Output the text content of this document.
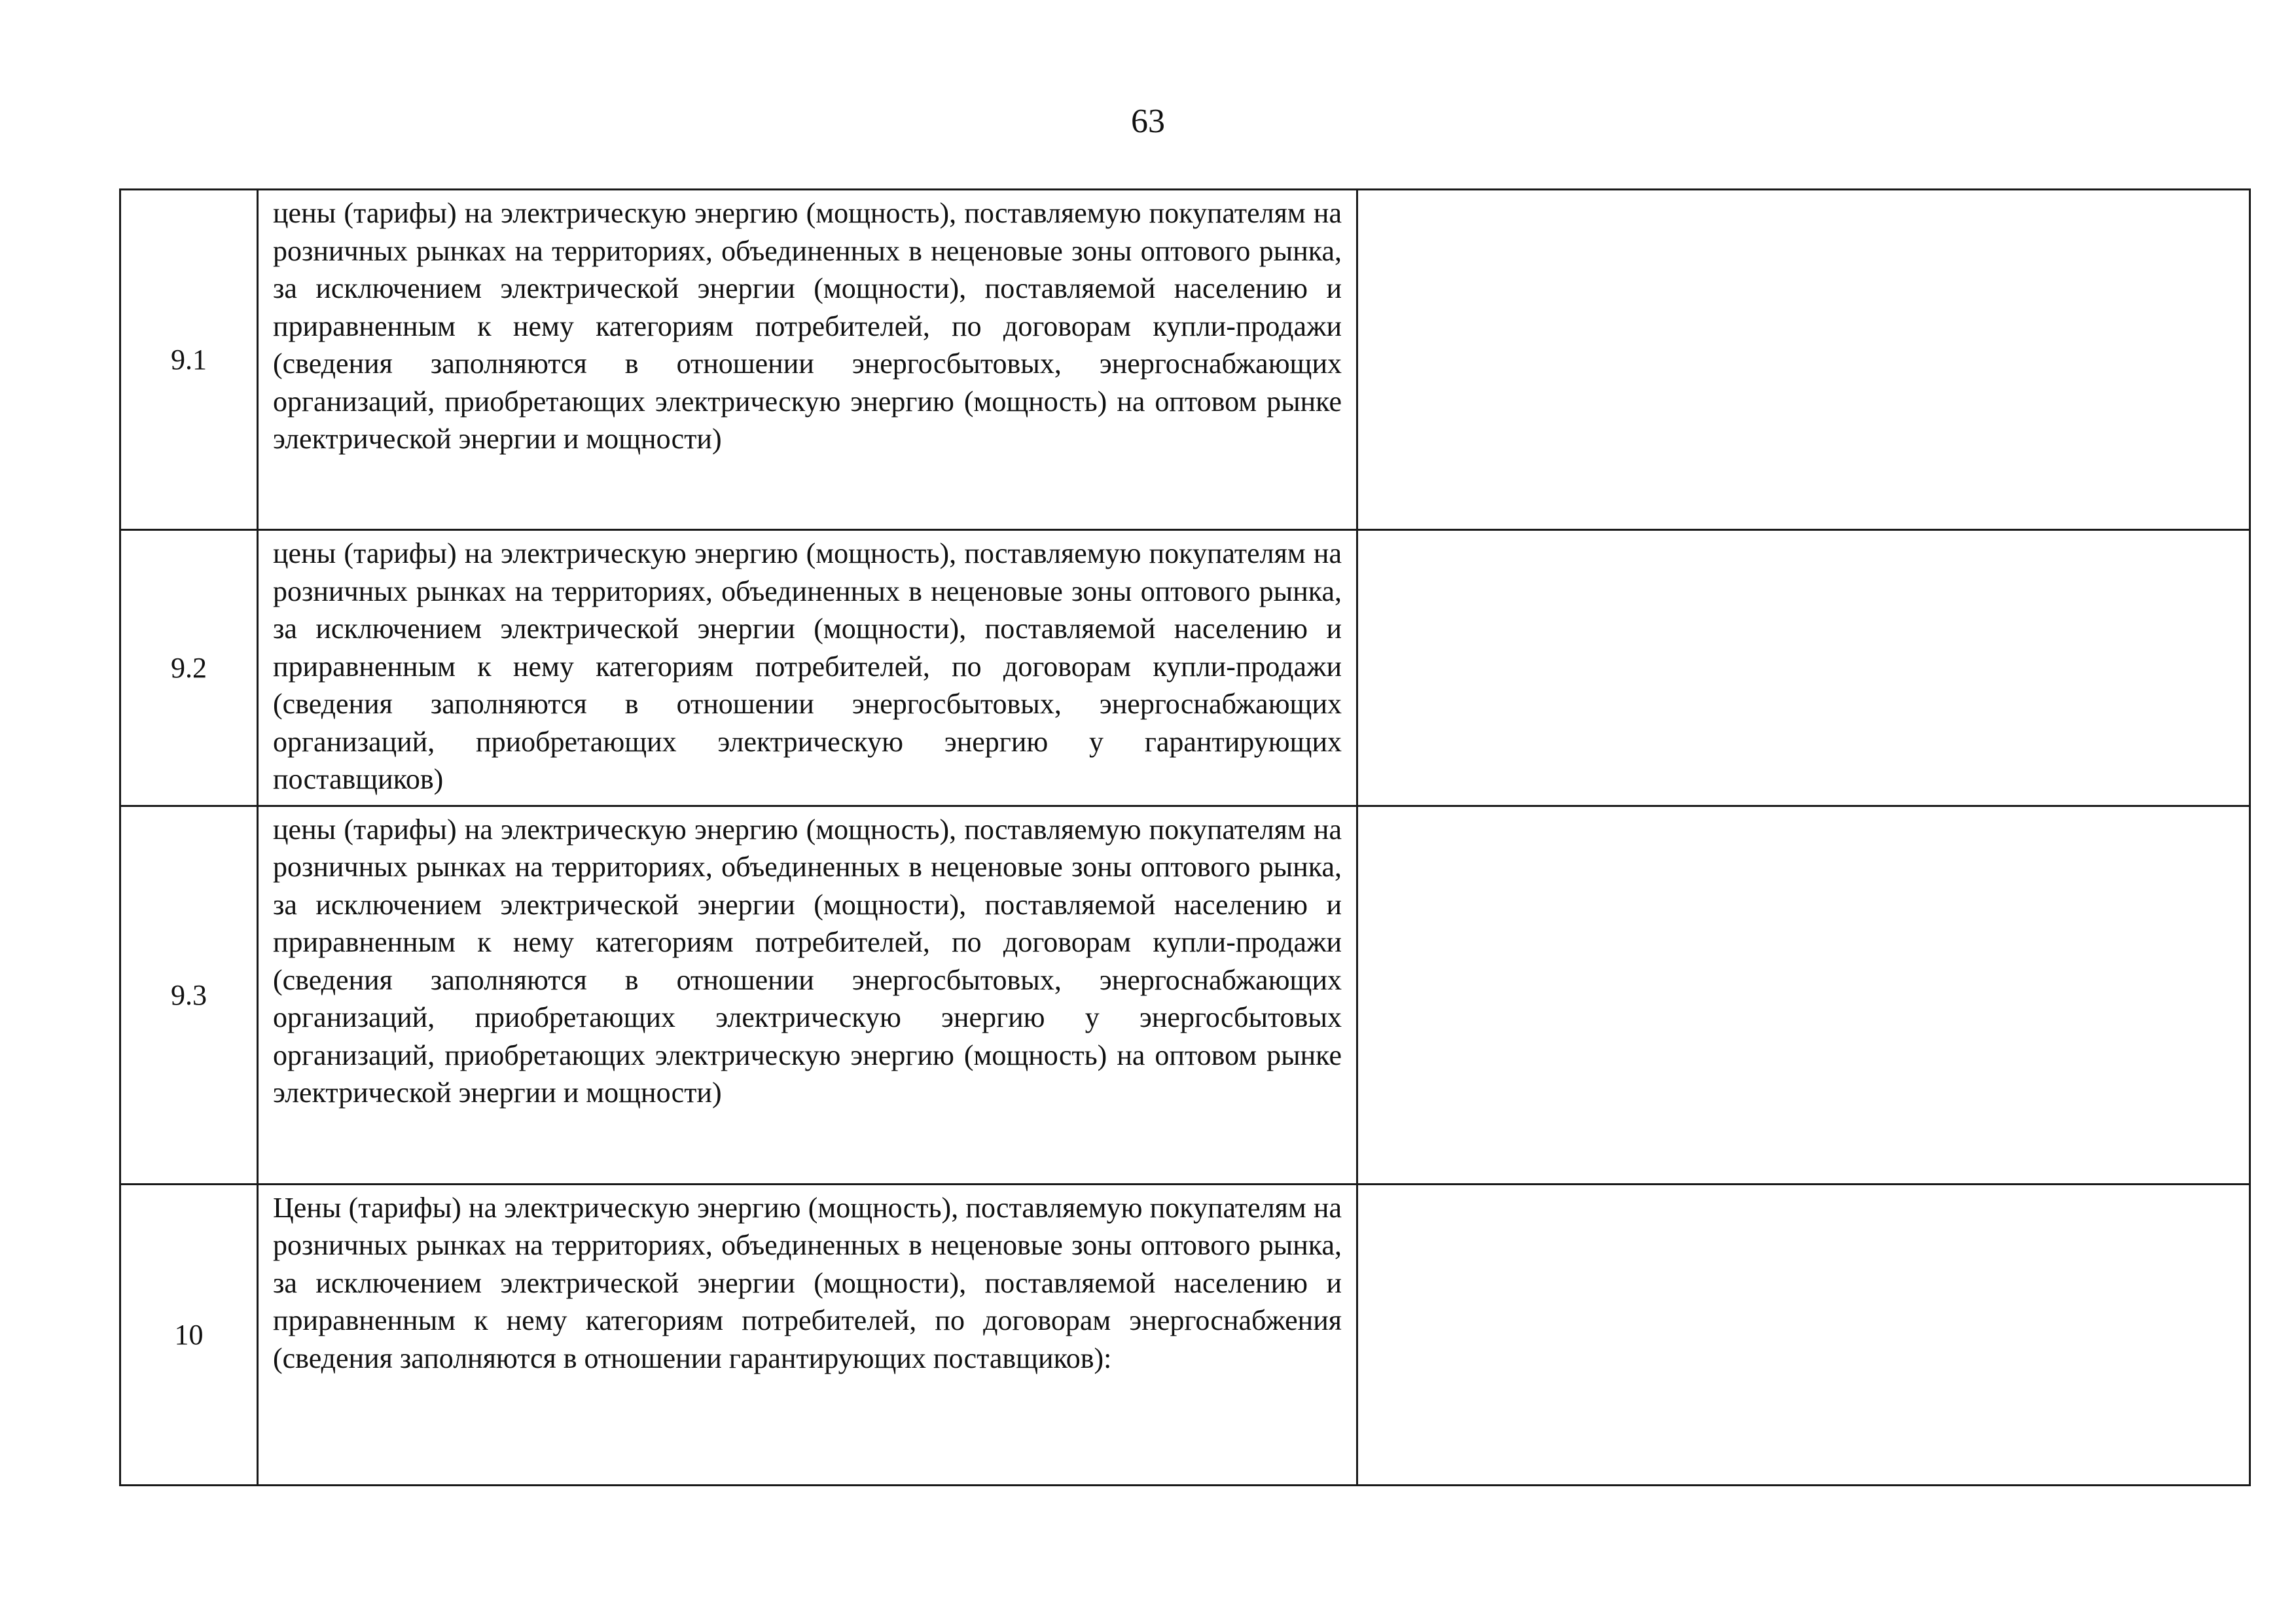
63
9.1	цены (тарифы) на электрическую энергию (мощность), поставляемую покупателям на розничных рынках на территориях, объединенных в неценовые зоны оптового рынка, за исключением электрической энергии (мощности), поставляемой населению и приравненным к нему категориям потребителей, по договорам купли-продажи (сведения заполняются в отношении энергосбытовых, энергоснабжающих организаций, приобретающих электрическую энергию (мощность) на оптовом рынке электрической энергии и мощности)	

9.2	цены (тарифы) на электрическую энергию (мощность), поставляемую покупателям на розничных рынках на территориях, объединенных в неценовые зоны оптового рынка, за исключением электрической энергии (мощности), поставляемой населению и приравненным к нему категориям потребителей, по договорам купли-продажи (сведения заполняются в отношении энергосбытовых, энергоснабжающих организаций, приобретающих электрическую энергию у гарантирующих поставщиков)	

9.3	цены (тарифы) на электрическую энергию (мощность), поставляемую покупателям на розничных рынках на территориях, объединенных в неценовые зоны оптового рынка, за исключением электрической энергии (мощности), поставляемой населению и приравненным к нему категориям потребителей, по договорам купли-продажи (сведения заполняются в отношении энергосбытовых, энергоснабжающих организаций, приобретающих электрическую энергию у энергосбытовых организаций, приобретающих электрическую энергию (мощность) на оптовом рынке электрической энергии и мощности)	

10	Цены (тарифы) на электрическую энергию (мощность), поставляемую покупателям на розничных рынках на территориях, объединенных в неценовые зоны оптового рынка, за исключением электрической энергии (мощности), поставляемой населению и приравненным к нему категориям потребителей, по договорам энергоснабжения (сведения заполняются в отношении гарантирующих поставщиков):	
